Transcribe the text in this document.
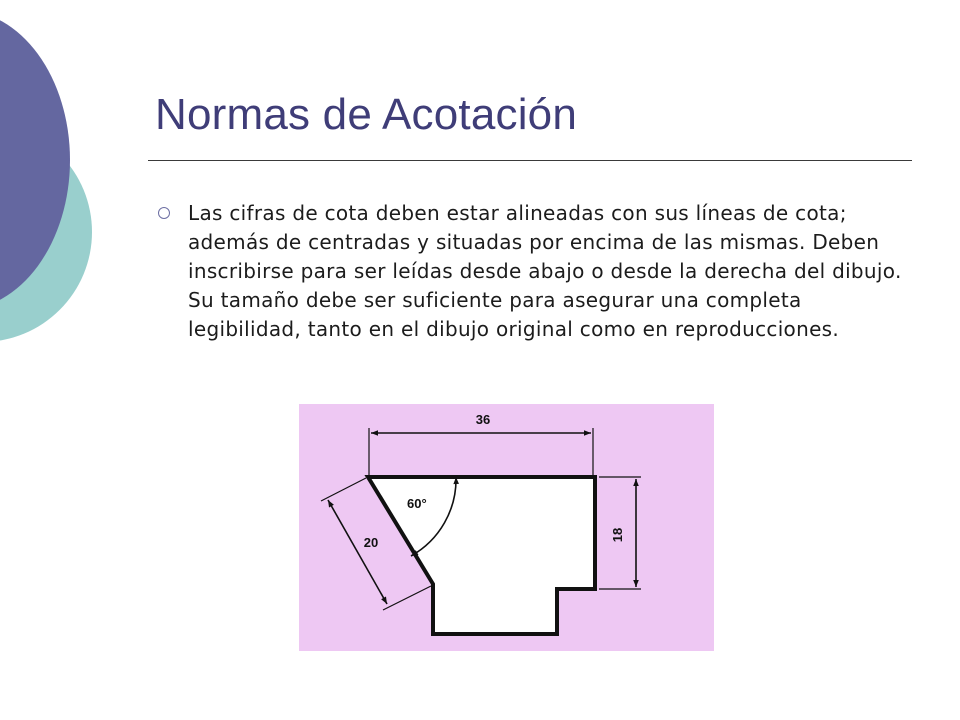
Normas de Acotación

Las cifras de cota deben estar alineadas con sus líneas de cota; además de centradas y situadas por encima de las mismas. Deben inscribirse para ser leídas desde abajo o desde la derecha del dibujo. Su tamaño debe ser suficiente para asegurar una completa legibilidad, tanto en el dibujo original como en reproducciones.

36
18
20
60°
